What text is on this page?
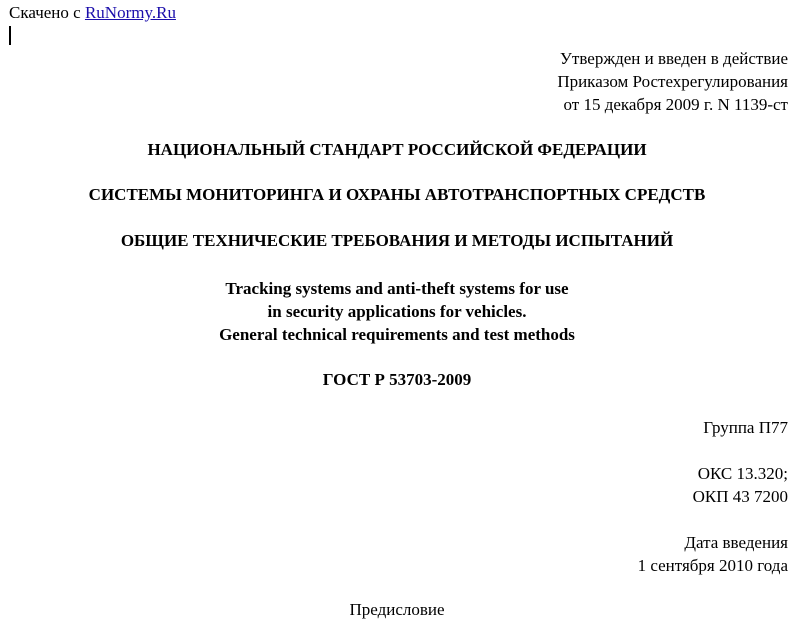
Скачено с RuNormy.Ru
Утвержден и введен в действие
Приказом Ростехрегулирования
от 15 декабря 2009 г. N 1139-ст
НАЦИОНАЛЬНЫЙ СТАНДАРТ РОССИЙСКОЙ ФЕДЕРАЦИИ
СИСТЕМЫ МОНИТОРИНГА И ОХРАНЫ АВТОТРАНСПОРТНЫХ СРЕДСТВ
ОБЩИЕ ТЕХНИЧЕСКИЕ ТРЕБОВАНИЯ И МЕТОДЫ ИСПЫТАНИЙ
Tracking systems and anti-theft systems for use
in security applications for vehicles.
General technical requirements and test methods
ГОСТ Р 53703-2009
Группа П77
ОКС 13.320;
ОКП 43 7200
Дата введения
1 сентября 2010 года
Предисловие
